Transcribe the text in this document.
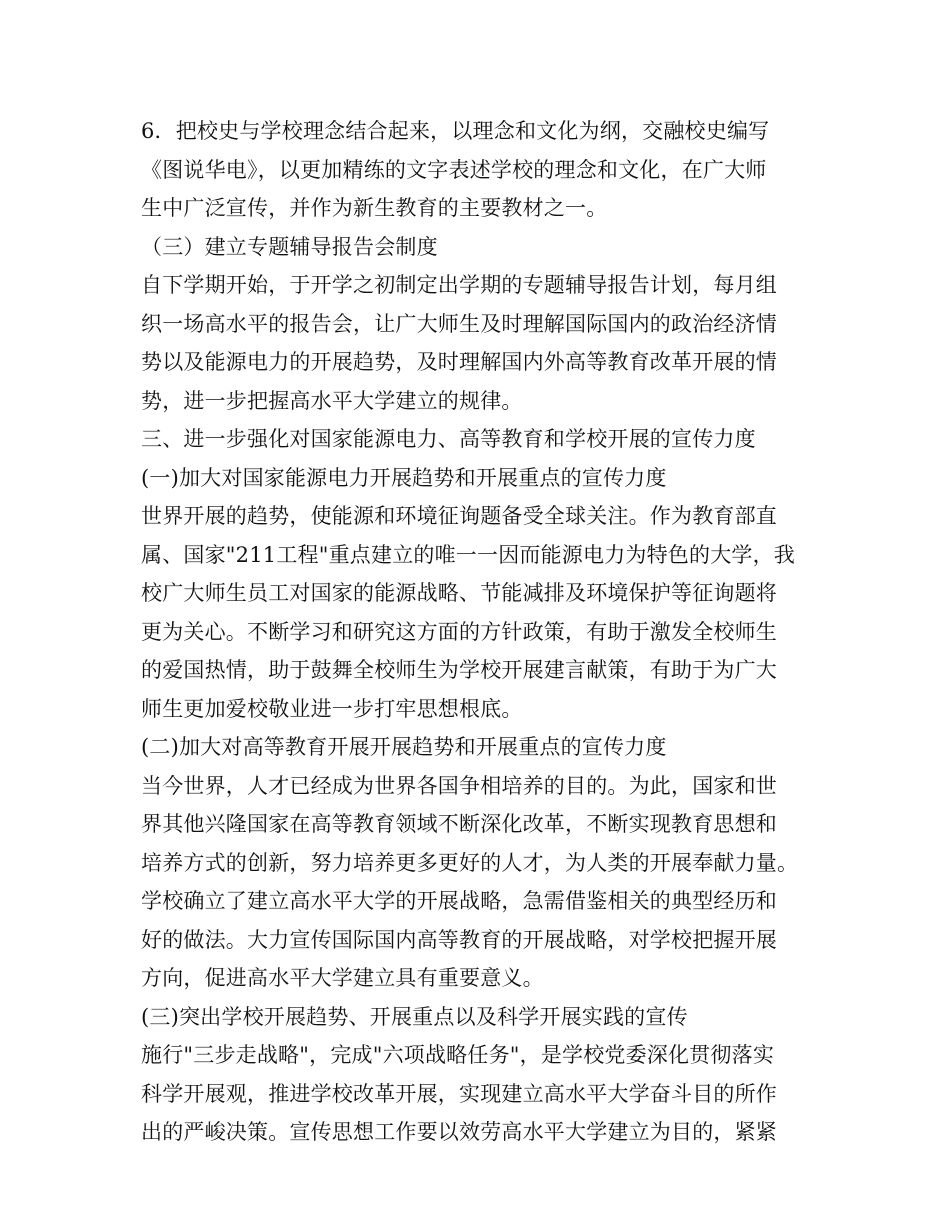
6．把校史与学校理念结合起来，以理念和文化为纲，交融校史编写
《图说华电》，以更加精练的文字表述学校的理念和文化，在广大师
生中广泛宣传，并作为新生教育的主要教材之一。
（三）建立专题辅导报告会制度
自下学期开始，于开学之初制定出学期的专题辅导报告计划，每月组
织一场高水平的报告会，让广大师生及时理解国际国内的政治经济情
势以及能源电力的开展趋势，及时理解国内外高等教育改革开展的情
势，进一步把握高水平大学建立的规律。
三、进一步强化对国家能源电力、高等教育和学校开展的宣传力度
(一)加大对国家能源电力开展趋势和开展重点的宣传力度
世界开展的趋势，使能源和环境征询题备受全球关注。作为教育部直
属、国家"211工程"重点建立的唯一一因而能源电力为特色的大学，我
校广大师生员工对国家的能源战略、节能减排及环境保护等征询题将
更为关心。不断学习和研究这方面的方针政策，有助于激发全校师生
的爱国热情，助于鼓舞全校师生为学校开展建言献策，有助于为广大
师生更加爱校敬业进一步打牢思想根底。
(二)加大对高等教育开展开展趋势和开展重点的宣传力度
当今世界，人才已经成为世界各国争相培养的目的。为此，国家和世
界其他兴隆国家在高等教育领域不断深化改革，不断实现教育思想和
培养方式的创新，努力培养更多更好的人才，为人类的开展奉献力量。
学校确立了建立高水平大学的开展战略，急需借鉴相关的典型经历和
好的做法。大力宣传国际国内高等教育的开展战略，对学校把握开展
方向，促进高水平大学建立具有重要意义。
(三)突出学校开展趋势、开展重点以及科学开展实践的宣传
施行"三步走战略"，完成"六项战略任务"，是学校党委深化贯彻落实
科学开展观，推进学校改革开展，实现建立高水平大学奋斗目的所作
出的严峻决策。宣传思想工作要以效劳高水平大学建立为目的，紧紧
